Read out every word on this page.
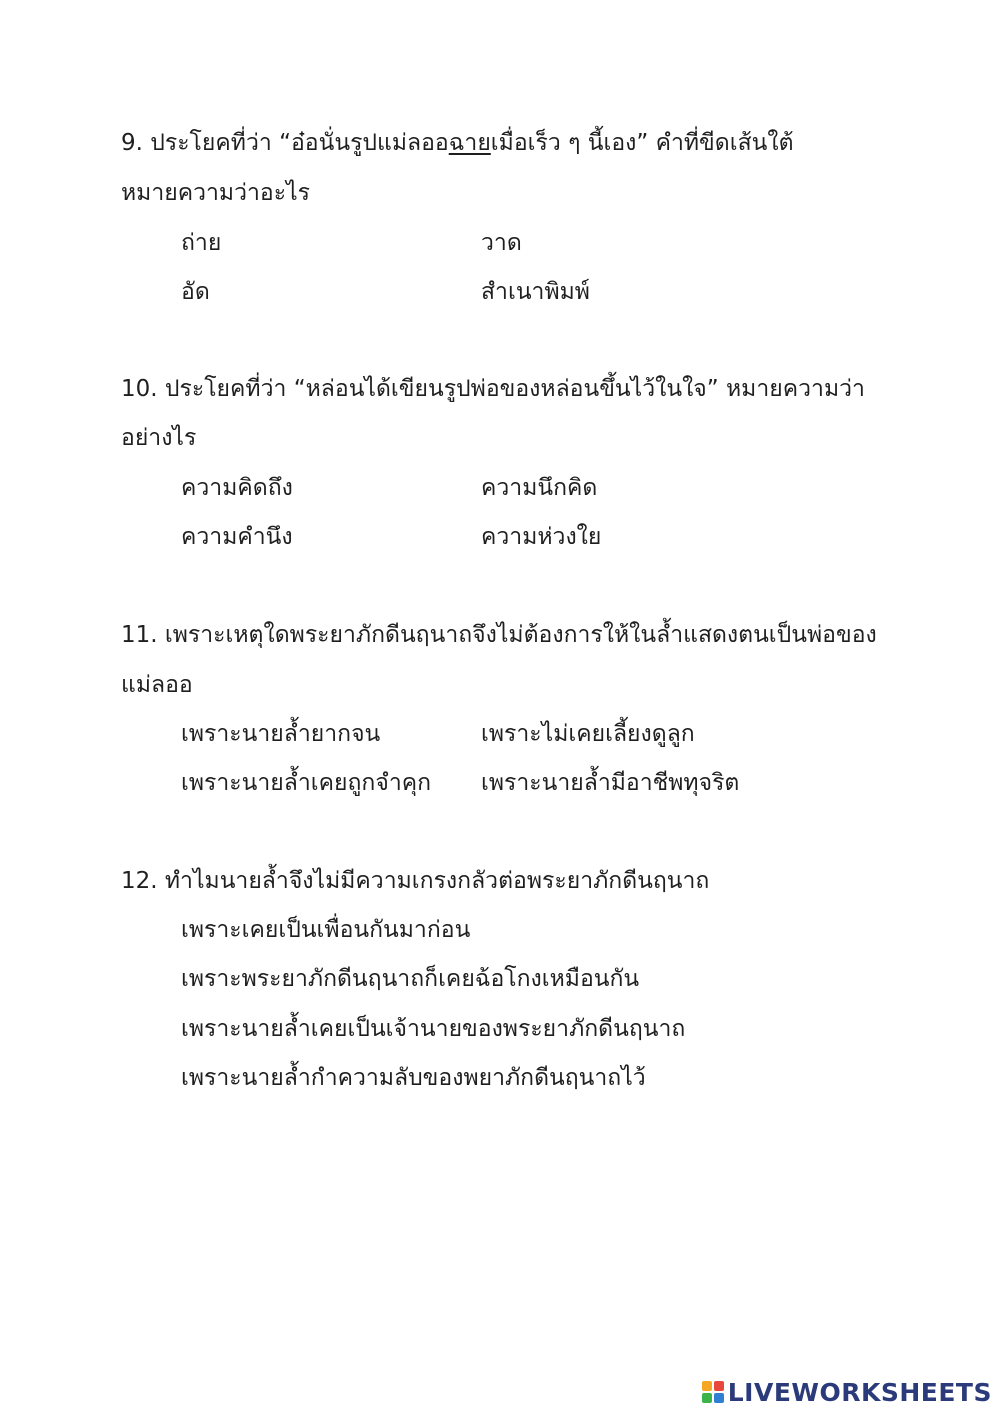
9. ประโยคที่ว่า “อ๋อนั่นรูปแม่ลออฉายเมื่อเร็ว ๆ นี้เอง” คำที่ขีดเส้นใต้
หมายความว่าอะไร
ถ่าย	วาด
อัด	สำเนาพิมพ์
10. ประโยคที่ว่า “หล่อนได้เขียนรูปพ่อของหล่อนขึ้นไว้ในใจ” หมายความว่า
อย่างไร
ความคิดถึง	ความนึกคิด
ความคำนึง	ความห่วงใย
11. เพราะเหตุใดพระยาภักดีนฤนาถจึงไม่ต้องการให้ในล้ำแสดงตนเป็นพ่อของ
แม่ลออ
เพราะนายล้ำยากจน	เพราะไม่เคยเลี้ยงดูลูก
เพราะนายล้ำเคยถูกจำคุก เพราะนายล้ำมีอาชีพทุจริต
12. ทำไมนายล้ำจึงไม่มีความเกรงกลัวต่อพระยาภักดีนฤนาถ
เพราะเคยเป็นเพื่อนกันมาก่อน
เพราะพระยาภักดีนฤนาถก็เคยฉ้อโกงเหมือนกัน
เพราะนายล้ำเคยเป็นเจ้านายของพระยาภักดีนฤนาถ
เพราะนายล้ำกำความลับของพยาภักดีนฤนาถไว้
LIVEWORKSHEETS
